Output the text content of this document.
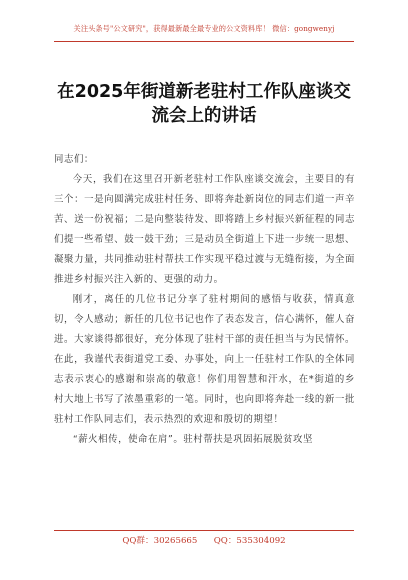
关注头条号"公文研究"，获得最新最全最专业的公文资料库！ 微信：gongwenyj
在2025年街道新老驻村工作队座谈交流会上的讲话

同志们：

今天，我们在这里召开新老驻村工作队座谈交流会，主要目的有三个：一是向圆满完成驻村任务、即将奔赴新岗位的同志们道一声辛苦、送一份祝福；二是向整装待发、即将踏上乡村振兴新征程的同志们提一些希望、鼓一鼓干劲；三是动员全街道上下进一步统一思想、凝聚力量，共同推动驻村帮扶工作实现平稳过渡与无缝衔接，为全面推进乡村振兴注入新的、更强的动力。

刚才，离任的几位书记分享了驻村期间的感悟与收获，情真意切，令人感动；新任的几位书记也作了表态发言，信心满怀，催人奋进。大家谈得都很好，充分体现了驻村干部的责任担当与为民情怀。在此，我谨代表街道党工委、办事处，向上一任驻村工作队的全体同志表示衷心的感谢和崇高的敬意！你们用智慧和汗水，在*街道的乡村大地上书写了浓墨重彩的一笔。同时，也向即将奔赴一线的新一批驻村工作队同志们，表示热烈的欢迎和殷切的期望！

“薪火相传，使命在肩”。驻村帮扶是巩固拓展脱贫攻坚

QQ群：30265665 QQ：535304092
